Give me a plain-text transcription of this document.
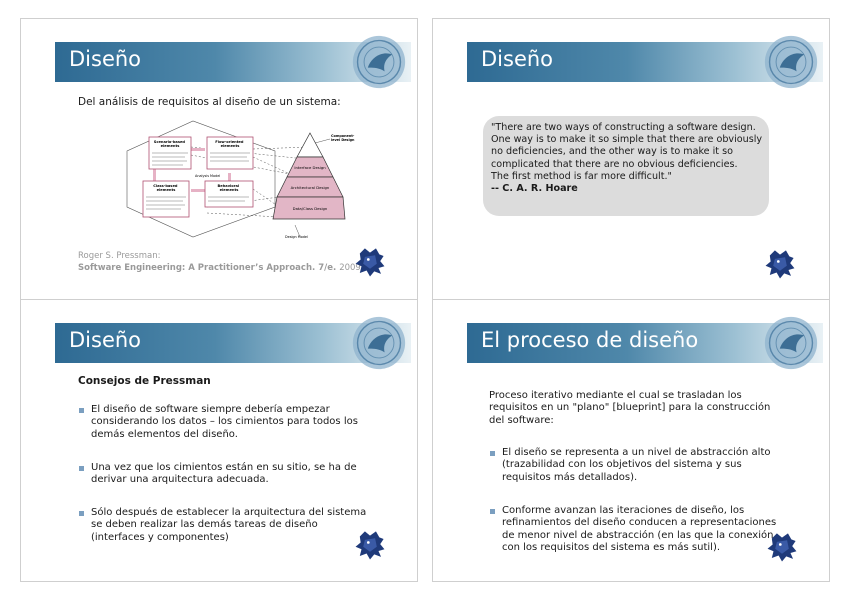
Diseño
Del análisis de requisitos al diseño de un sistema:
Scenario-based elements
Flow-oriented elements
Class-based elements
Behavioral elements
Interface Design
Architectural Design
Data/Class Design
Component- level Design
Analysis Model
Design Model
Roger S. Pressman:
Software Engineering: A Practitioner’s Approach. 7/e. 2009
Diseño
"There are two ways of constructing a software design.
One way is to make it so simple that there are obviously
no deficiencies, and the other way is to make it so
complicated that there are no obvious deficiencies.
The first method is far more difficult."
-- C. A. R. Hoare
Diseño
Consejos de Pressman
El diseño de software siempre debería empezar
considerando los datos – los cimientos para todos los
demás elementos del diseño.
Una vez que los cimientos están en su sitio, se ha de
derivar una arquitectura adecuada.
Sólo después de establecer la arquitectura del sistema
se deben realizar las demás tareas de diseño
(interfaces y componentes)
El proceso de diseño
Proceso iterativo mediante el cual se trasladan los
requisitos en un "plano" [blueprint] para la construcción
del software:
El diseño se representa a un nivel de abstracción alto
(trazabilidad con los objetivos del sistema y sus
requisitos más detallados).
Conforme avanzan las iteraciones de diseño, los
refinamientos del diseño conducen a representaciones
de menor nivel de abstracción (en las que la conexión
con los requisitos del sistema es más sutil).
